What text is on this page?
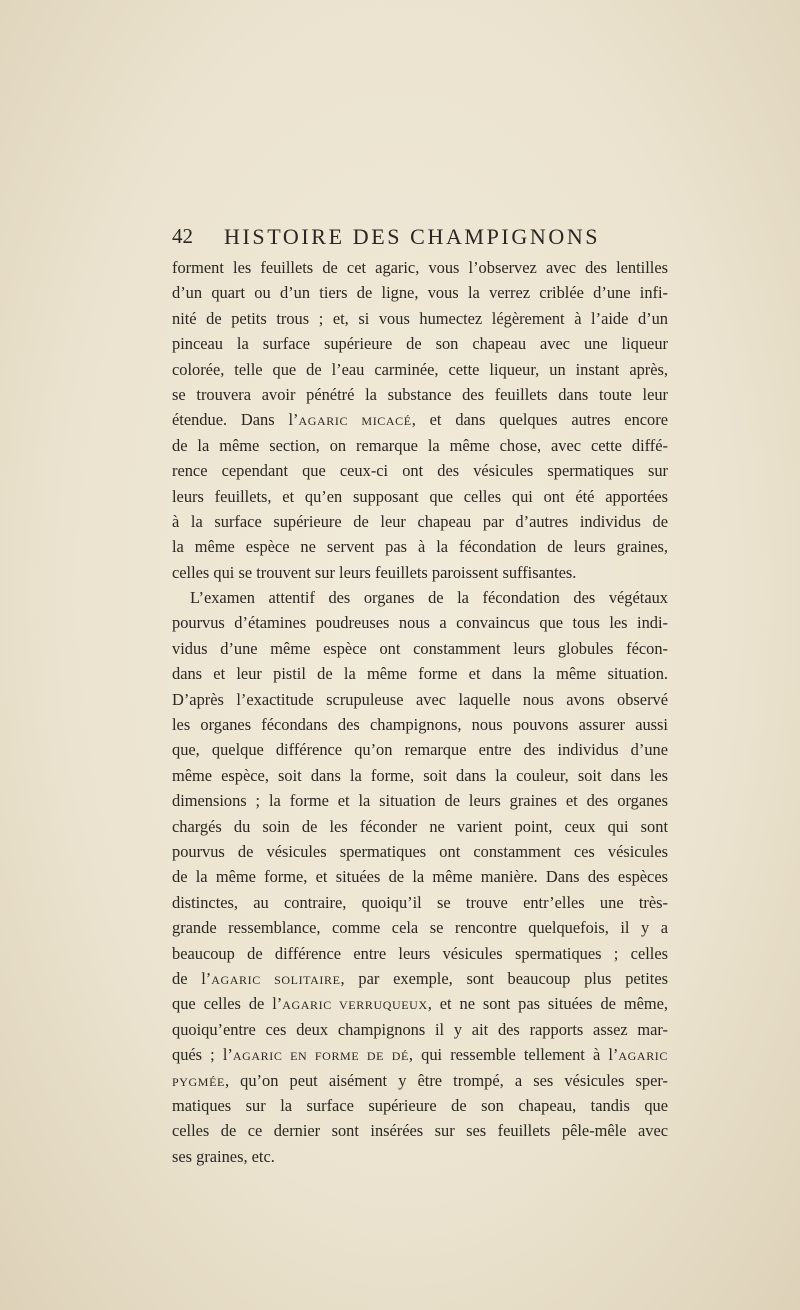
42 HISTOIRE DES CHAMPIGNONS
forment les feuillets de cet agaric, vous l’observez avec des lentilles
d’un quart ou d’un tiers de ligne, vous la verrez criblée d’une infi-
nité de petits trous ; et, si vous humectez légèrement à l’aide d’un
pinceau la surface supérieure de son chapeau avec une liqueur
colorée, telle que de l’eau carminée, cette liqueur, un instant après,
se trouvera avoir pénétré la substance des feuillets dans toute leur
étendue. Dans l’AGARIC MICACÉ, et dans quelques autres encore
de la même section, on remarque la même chose, avec cette diffé-
rence cependant que ceux-ci ont des vésicules spermatiques sur
leurs feuillets, et qu’en supposant que celles qui ont été apportées
à la surface supérieure de leur chapeau par d’autres individus de
la même espèce ne servent pas à la fécondation de leurs graines,
celles qui se trouvent sur leurs feuillets paroissent suffisantes.
L’examen attentif des organes de la fécondation des végétaux
pourvus d’étamines poudreuses nous a convaincus que tous les indi-
vidus d’une même espèce ont constamment leurs globules fécon-
dans et leur pistil de la même forme et dans la même situation.
D’après l’exactitude scrupuleuse avec laquelle nous avons observé
les organes fécondans des champignons, nous pouvons assurer aussi
que, quelque différence qu’on remarque entre des individus d’une
même espèce, soit dans la forme, soit dans la couleur, soit dans les
dimensions ; la forme et la situation de leurs graines et des organes
chargés du soin de les féconder ne varient point, ceux qui sont
pourvus de vésicules spermatiques ont constamment ces vésicules
de la même forme, et situées de la même manière. Dans des espèces
distinctes, au contraire, quoiqu’il se trouve entr’elles une très-
grande ressemblance, comme cela se rencontre quelquefois, il y a
beaucoup de différence entre leurs vésicules spermatiques ; celles
de l’AGARIC SOLITAIRE, par exemple, sont beaucoup plus petites
que celles de l’AGARIC VERRUQUEUX, et ne sont pas situées de même,
quoiqu’entre ces deux champignons il y ait des rapports assez mar-
qués ; l’AGARIC EN FORME DE DÉ, qui ressemble tellement à l’AGARIC
PYGMÉE, qu’on peut aisément y être trompé, a ses vésicules sper-
matiques sur la surface supérieure de son chapeau, tandis que
celles de ce dernier sont insérées sur ses feuillets pêle-mêle avec
ses graines, etc.
